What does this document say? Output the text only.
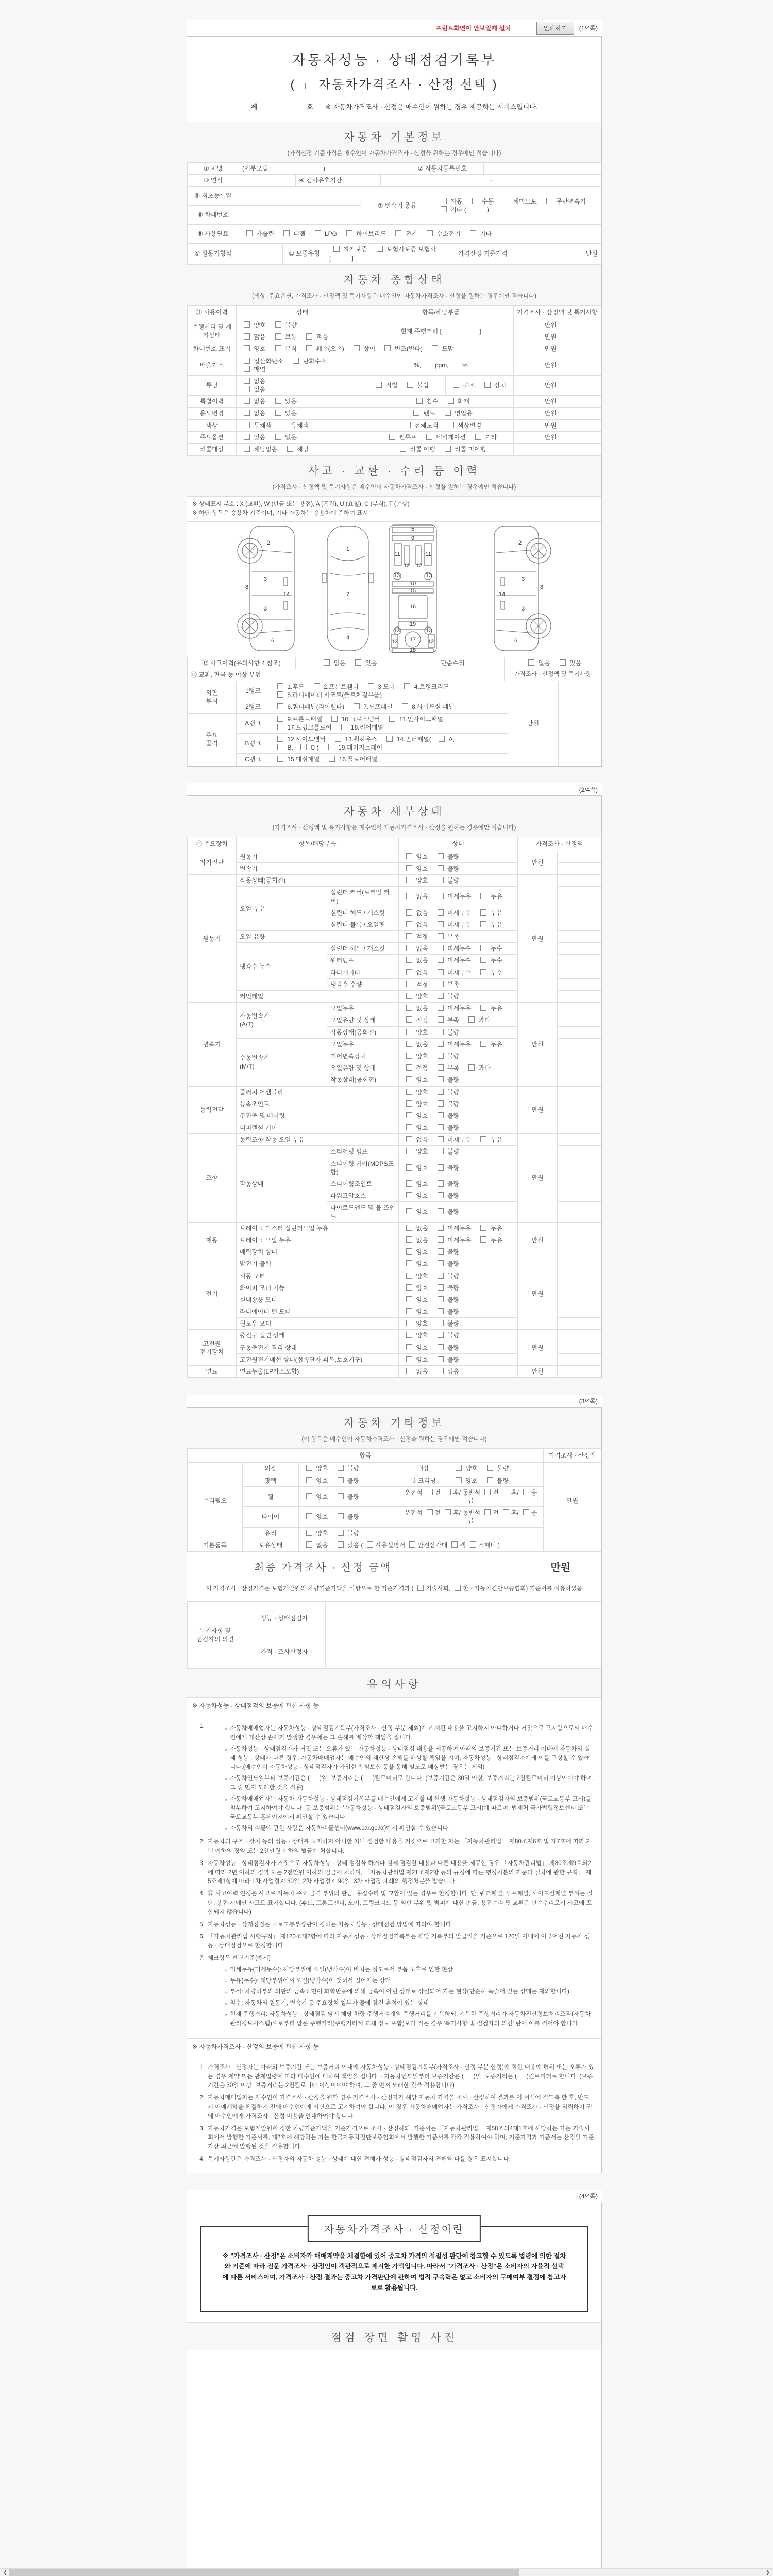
프린트화면이 안보일때 설치	인쇄하기	(1/4쪽)
자동차성능 · 상태점검기록부
(  자동차가격조사 · 산정 선택 )
제	호 ※ 자동차가격조사 · 산정은 매수인이 원하는 경우 제공하는 서비스입니다.
자동차 기본정보
(가격산정 기준가격은 매수인이 자동차가격조사 · 산정을 원하는 경우에만 적습니다)
① 차명	(세부모델 :                              )	② 자동차등록번호	
③ 연식		④ 검사유효기간	~
⑤ 최초등록일		⑦ 변속기 종류	자동    수동    세미오토    무단변속기
기타 (            )
⑥ 차대번호			
⑧ 사용연료	가솔린    디젤    LPG    하이브리드    전기    수소전기    기타
⑨ 원동기형식		⑩ 보증유형	자가보증    보험사보증 보험사[            ]	가격산정 기준가격	만원
자동차 종합상태
(색상, 주요옵션, 가격조사 · 산정액 및 특기사항은 매수인이 자동차가격조사 · 산정을 원하는 경우에만 적습니다)
⑪ 사용이력	상태	항목/해당부품		가격조사 · 산정액 및 특기사항	
주행거리 및 계기상태	양호    불량	현재 주행거리 [                      ]		만원	
	많음    보통    적음			만원	
차대번호 표기	양호    부식    훼손(오손)    상이    변조(변타)    도말			만원	
배출가스	일산화탄소    탄화수소
매연	%,        ppm,        %		만원	
튜닝	없음
있음	적법    불법	구조    장치	만원	
특별이력	없음    있음	침수    화재		만원	
용도변경	없음    있음	렌트    영업용		만원	
색상	무채색    유채색	전체도색    색상변경		만원	
주요옵션	있음    없음	썬루프    네비게이션    기타		만원	
리콜대상	해당없음    해당	리콜 이행    리콜 미이행			
사고 · 교환 · 수리 등 이력
(가격조사 · 산정액 및 특기사항은 매수인이 자동차가격조사 · 산정을 원하는 경우에만 적습니다)
※ 상태표시 부호 : X (교환), W (판금 또는 용접), A (흠집), U (요철), C (부식), T (손상)
※ 하단 항목은 승용차 기준이며, 기타 자동차는 승용차에 준하여 표시
2
3
8
14
3
6
1
7
4
5
9
11	11
12 12
13	13
10
15
16
19
13	13
17
12	12
18
2
3
8
14
3
6
⑫ 사고이력(유의사항 4.참조)	없음    있음	단순수리	없음    있음
⑬ 교환, 판금 등 이상 부위	가격조사 · 산정액 및 특기사항
외판
부위	1랭크	1.후드    2.프론트휀더    3.도어    4.트렁크리드
5.라디에이터 서포트(볼트체결부품)	만원	
	2랭크	6.쿼터패널(리어휀다)    7.루프패널    8.사이드실 패널		
주요
골격	A랭크	9.프론트패널    10.크로스멤버    11.인사이드패널
17.트렁크플로어    18.리어패널		
	B랭크	12.사이드멤버    13.휠하우스    14.필러패널(   A,
B,   C )    19.패키지트레이		
	C랭크	15.대쉬패널    16.플로어패널		
(2/4쪽)
자동차 세부상태
(가격조사 · 산정액 및 특기사항은 매수인이 자동차가격조사 · 산정을 원하는 경우에만 적습니다)
⑭ 주요장치	항목/해당부품		상태	가격조사 · 산정액	
자기진단	원동기		양호    불량	만원	
	변속기		양호    불량		
원동기	작동상태(공회전)		양호    불량	만원	
	오일 누유	실린더 커버(로커암 커버)	없음    미세누유    누유		
		실린더 헤드 / 개스킷	없음    미세누유    누유		
		실린더 블록 / 오일팬	없음    미세누유    누유		
	오일 유량		적정    부족		
	냉각수 누수	실린더 헤드 / 개스킷	없음    미세누수    누수		
		워터펌프	없음    미세누수    누수		
		라디에이터	없음    미세누수    누수		
		냉각수 수량	적정    부족		
	커먼레일		양호    불량		
변속기	자동변속기
(A/T)	오일누유	없음    미세누유    누유	만원	
		오일유량 및 상태	적정    부족    과다		
		작동상태(공회전)	양호    불량		
	수동변속기
(M/T)	오일누유	없음    미세누유    누유		
		기어변속장치	양호    불량		
		오일유량 및 상태	적정    부족    과다		
		작동상태(공회전)	양호    불량		
동력전달	클러치 어셈블리		양호    불량	만원	
	등속조인트		양호    불량		
	추진축 및 베어링		양호    불량		
	디퍼렌셜 기어		양호    불량		
조향	동력조향 작동 오일 누유		없음    미세누유    누유	만원	
	작동상태	스티어링 펌프	양호    불량		
		스티어링 기어(MDPS포함)	양호    불량		
		스티어링조인트	양호    불량		
		파워고압호스	양호    불량		
		타이로드엔드 및 볼 조인트	양호    불량		
제동	브레이크 마스터 실린더오일 누유		없음    미세누유    누유	만원	
	브레이크 오일 누유		없음    미세누유    누유		
	배력장치 상태		양호    불량		
전기	발전기 출력		양호    불량	만원	
	시동 모터		양호    불량		
	와이퍼 모터 기능		양호    불량		
	실내송풍 모터		양호    불량		
	라디에이터 팬 모터		양호    불량		
	윈도우 모터		양호    불량		
고전원
전기장치	충전구 절연 상태		양호    불량	만원	
	구동축전지 격리 상태		양호    불량		
	고전원전기배선 상태(접속단자,피복,보호기구)		양호    불량		
연료	연료누출(LP가스포함)		없음    있음	만원	
(3/4쪽)
자동차 기타정보
(이 항목은 매수인이 자동차가격조사 · 산정을 원하는 경우에만 적습니다)
항목					가격조사 · 산정액
수리필요	외장	양호    불량	내장	양호    불량	만원
	광택	양호    불량	룸 크리닝	양호    불량	
	휠	양호    불량	운전석 전 후/ 동반석 전 후/ 응급		
	타이어	양호    불량	운전석 전 후/ 동반석 전 후/ 응급		
	유리	양호    불량			
기본품목	보유상태	없음    있음 ( 사용설명서 안전삼각대 잭 스패너 )			
최종 가격조사 · 산정 금액	만원
이 가격조사 · 산정가격은 보험개발원의 차량기준가액을 바탕으로 한 기준가격과 ( 기술사회, 한국자동차진단보증협회) 기준서를 적용하였음
특기사항 및
점검자의 의견	성능 · 상태점검자	
	가격 · 조사산정자	
유의사항
※ 자동차성능 · 상태점검의 보증에 관한 사항 등
1.	▫ 자동차매매업자는 자동차성능 · 상태점검기록부(가격조사 · 산정 부분 제외)에 기재된 내용을 고지하지 아니하거나 거짓으로 고지함으로써 매수인에게 재산상 손해가 발생한 경우에는 그 손해를 배상할 책임을 집니다.
▫ 자동차성능 · 상태점검자가 거짓 또는 오류가 있는 자동차성능 · 상태점검 내용을 제공하여 아래의 보증기간 또는 보증거리 이내에 자동차의 실제 성능 · 상태가 다른 경우, 자동차매매업자는 매수인의 재산상 손해를 배상할 책임을 지며, 자동차성능 · 상태점검자에게 이를 구상할 수 있습니다.(매수인이 자동차성능 · 상태점검자가 가입한 책임보험 등을 통해 별도로 배상받는 경우는 제외)
▫ 자동차인도일부터 보증기간은 (      )일, 보증거리는 (      )킬로미터로 합니다. (보증기간은 30일 이상, 보증거리는 2천킬로미터 이상이어야 하며, 그 중 먼저 도래한 것을 적용)
▫ 자동차매매업자는 자동차 자동차성능 · 상태점검기록부를 매수인에게 고지할 때 현행 자동차성능 · 상태점검자의 보증범위(국토교통부 고시)를 첨부하여 고지하여야 합니다. 동 보증범위는 '자동차성능 · 상태점검자의 보증범위'(국토교통부 고시)에 따르며, 법제처 국가법령정보센터 또는 국토교통부 홈페이지에서 확인할 수 있습니다.
▫ 자동차의 리콜에 관한 사항은 자동차리콜센터(www.car.go.kr)에서 확인할 수 있습니다.
2. 자동차의 구조 · 장치 등의 성능 · 상태를 고지하지 아니한 자나 점검한 내용을 거짓으로 고지한 자는 「자동차관리법」 제80조제6호 및 제7호에 따라 2년 이하의 징역 또는 2천만원 이하의 벌금에 처합니다.
3. 자동차성능 · 상태점검자가 거짓으로 자동차성능 · 상태 점검을 하거나 실제 점검한 내용과 다른 내용을 제공한 경우 「자동차관리법」 제80조제9호의2에 따라 2년 이하의 징역 또는 2천만원 이하의 벌금에 처하며, 「자동차관리법 제21조제2항 등의 규정에 따른 행정처분의 기준과 절차에 관한 규칙」 제5조제1항에 따라 1차 사업정지 30일, 2차 사업정지 90일, 3차 사업장 폐쇄의 행정처분을 받습니다.
4. ⑫ 사고이력 인정은 사고로 자동차 주요 골격 부위의 판금, 용접수리 및 교환이 있는 경우로 한정합니다. 단, 쿼터패널, 루프패널, 사이드실패널 부위는 절단, 용접 시에만 사고로 표기합니다. (후드, 프론트펜더, 도어, 트렁크리드 등 외판 부위 및 범퍼에 대한 판금, 용접수리 및 교환은 단순수리로서 사고에 포함되지 않습니다)
5. 자동차성능 · 상태점검은 국토교통부장관이 정하는 자동차성능 · 상태점검 방법에 따라야 합니다.
6. 「자동차관리법 시행규칙」 제120조제2항에 따라 자동차성능 · 상태점검기록부는 해당 기록부의 발급일을 기준으로 120일 이내에 이루어진 자동차 성능 · 상태점검으로 한정합니다
7. 체크항목 판단기준(예시)
▫ 미세누유(미세누수): 해당부위에 오일(냉각수)이 비치는 정도로서 부품 노후로 인한 현상
▫ 누유(누수): 해당부위에서 오일(냉각수)이 맺혀서 떨어지는 상태
▫ 부식: 차량하부와 외판의 금속표면이 화학반응에 의해 금속이 아닌 상태로 상실되어 가는 현상(단순히 녹슬어 있는 상태는 제외합니다)
▫ 침수: 자동차의 원동기, 변속기 등 주요장치 일부가 물에 잠긴 흔적이 있는 상태
▫ 현재 주행거리: 자동차성능 · 상태점검 당시 해당 차량 주행거리계의 주행거리를 기록하되, 기록한 주행거리가 자동차전산정보처리조직(자동차관리정보시스템)으로부터 받은 주행거리(주행거리계 교체 정보 포함)보다 적은 경우 '특기사항 및 점검자의 의견' 란에 이를 적어야 합니다.
※ 자동차가격조사 · 산정의 보증에 관한 사항 등
1. 가격조사 · 산정자는 아래의 보증기간 또는 보증거리 이내에 자동차성능 · 상태점검기록부(가격조사 · 산정 부분 한정)에 적힌 내용에 허위 또는 오류가 있는 경우 계약 또는 관계법령에 따라 매수인에 대하여 책임을 집니다. · 자동차인도일부터 보증기간은 (      )일, 보증거리는 (      )킬로미터로 합니다. (보증기간은 30일 이상, 보증거리는 2천킬로미터 이상이어야 하며, 그 중 먼저 도래한 것을 적용합니다)
2. 자동차매매업자는 매수인이 가격조사 · 산정을 원할 경우 가격조사 · 산정자가 해당 자동차 가격을 조사 · 산정하여 결과를 이 서식에 적도록 한 후, 반드시 매매계약을 체결하기 전에 매수인에게 서면으로 고지하여야 합니다. 이 경우 자동차매매업자는 가격조사 · 산정자에게 가격조사 · 산정을 의뢰하기 전에 매수인에게 가격조사 · 산정 비용을 안내하여야 합니다.
3. 자동차가격은 보험개발원이 정한 차량기준가액을 기준가격으로 조사 · 산정하되, 기준서는 「자동차관리법」 제58조의4제1호에 해당하는 자는 기술사회에서 발행한 기준서를, 제2호에 해당하는 자는 한국자동차진단보증협회에서 발행한 기준서를 각각 적용하여야 하며, 기준가격과 기준서는 산정일 기준 가장 최근에 발행된 것을 적용합니다.
4. 특기사항란은 가격조사 · 산정자의 자동차 성능 · 상태에 대한 견해가 성능 · 상태점검자의 견해와 다를 경우 표시합니다.
(4/4쪽)
자동차가격조사 · 산정이란
※ "가격조사 · 산정"은 소비자가 매매계약을 체결함에 있어 중고차 가격의 적절성 판단에 참고할 수 있도록 법령에 의한 절차와 기준에 따라 전문 가격조사 · 산정인이 객관적으로 제시한 가액입니다. 따라서 "가격조사 · 산정"은 소비자의 자율적 선택에 따른 서비스이며, 가격조사 · 산정 결과는 중고차 가격판단에 관하여 법적 구속력은 없고 소비자의 구매여부 결정에 참고자료로 활용됩니다.
점검 장면 촬영 사진
❮	❯
